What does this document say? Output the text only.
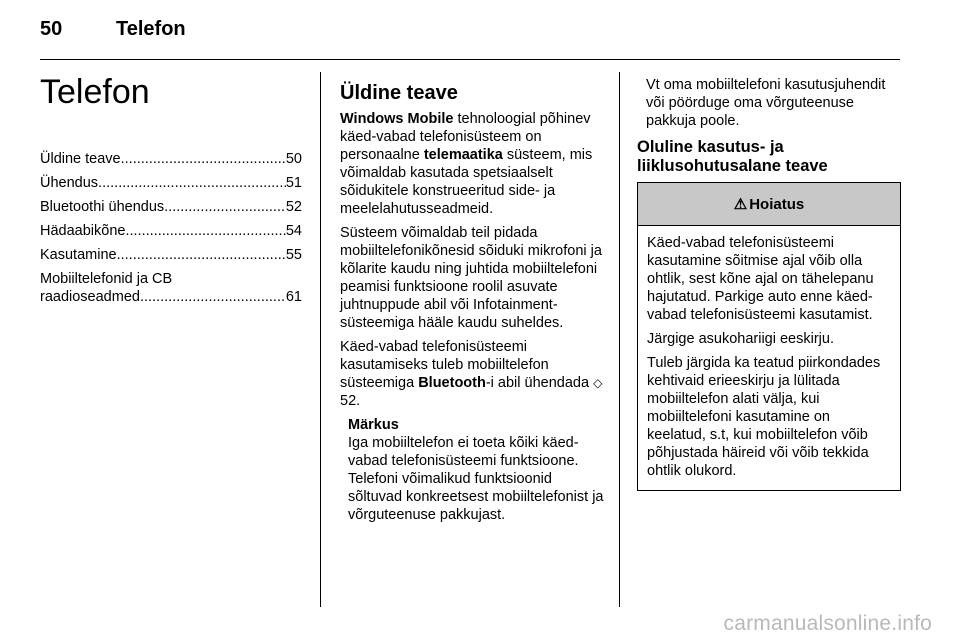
50	Telefon
Telefon
Üldine teave .....	50
Ühendus .....	51
Bluetoothi ühendus .....	52
Hädaabikõne .....	54
Kasutamine .....	55
Mobiiltelefonid ja CB
raadioseadmed .....	61
Üldine teave

Windows Mobile tehnoloogial põhinev käed-vabad telefonisüsteem on personaalne telemaatika süsteem, mis võimaldab kasutada spetsiaalselt sõidukitele konstrueeritud side- ja meelelahutusseadmeid.

Süsteem võimaldab teil pidada mobiiltelefonikõnesid sõiduki mikrofoni ja kõlarite kaudu ning juhtida mobiiltelefoni peamisi funktsioone roolil asuvate juhtnuppude abil või Infotainment-süsteemiga hääle kaudu suheldes.

Käed-vabad telefonisüsteemi kasutamiseks tuleb mobiiltelefon süsteemiga Bluetooth-i abil ühendada ◇ 52.

Märkus
Iga mobiiltelefon ei toeta kõiki käed-vabad telefonisüsteemi funktsioone. Telefoni võimalikud funktsioonid sõltuvad konkreetsest mobiiltelefonist ja võrguteenuse pakkujast.

Vt oma mobiiltelefoni kasutusjuhendit või pöörduge oma võrguteenuse pakkuja poole.

Oluline kasutus- ja liiklusohutusalane teave
⚠ Hoiatus

Käed-vabad telefonisüsteemi kasutamine sõitmise ajal võib olla ohtlik, sest kõne ajal on tähelepanu hajutatud. Parkige auto enne käed-vabad telefonisüsteemi kasutamist.

Järgige asukohariigi eeskirju.

Tuleb järgida ka teatud piirkondades kehtivaid erieeskirju ja lülitada mobiiltelefon alati välja, kui mobiiltelefoni kasutamine on keelatud, s.t, kui mobiiltelefon võib põhjustada häireid või võib tekkida ohtlik olukord.

carmanualsonline.info
